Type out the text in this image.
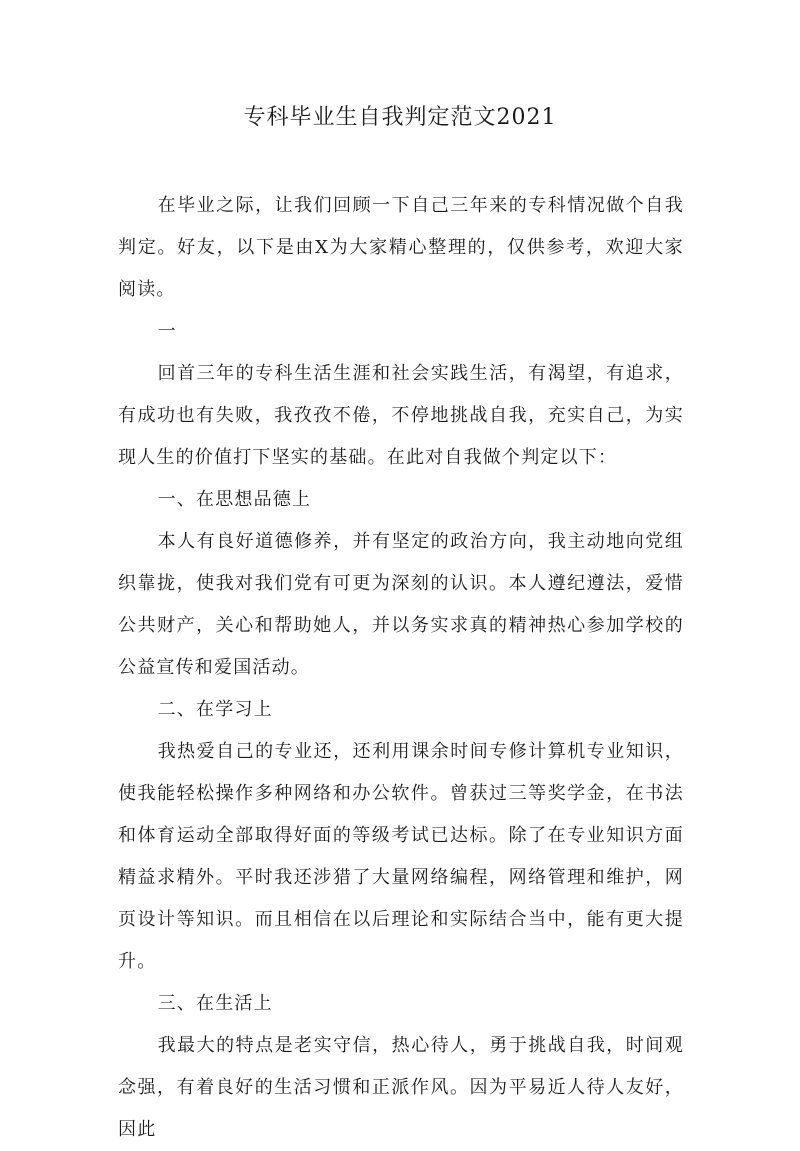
专科毕业生自我判定范文2021

在毕业之际，让我们回顾一下自己三年来的专科情况做个自我判定。好友，以下是由X为大家精心整理的，仅供参考，欢迎大家阅读。

一

回首三年的专科生活生涯和社会实践生活，有渴望，有追求，有成功也有失败，我孜孜不倦，不停地挑战自我，充实自己，为实现人生的价值打下坚实的基础。在此对自我做个判定以下：

一、在思想品德上

本人有良好道德修养，并有坚定的政治方向，我主动地向党组织靠拢，使我对我们党有可更为深刻的认识。本人遵纪遵法，爱惜公共财产，关心和帮助她人，并以务实求真的精神热心参加学校的公益宣传和爱国活动。

二、在学习上

我热爱自己的专业还，还利用课余时间专修计算机专业知识，使我能轻松操作多种网络和办公软件。曾获过三等奖学金，在书法和体育运动全部取得好面的等级考试已达标。除了在专业知识方面精益求精外。平时我还涉猎了大量网络编程，网络管理和维护，网页设计等知识。而且相信在以后理论和实际结合当中，能有更大提升。

三、在生活上

我最大的特点是老实守信，热心待人，勇于挑战自我，时间观念强，有着良好的生活习惯和正派作风。因为平易近人待人友好，因此
